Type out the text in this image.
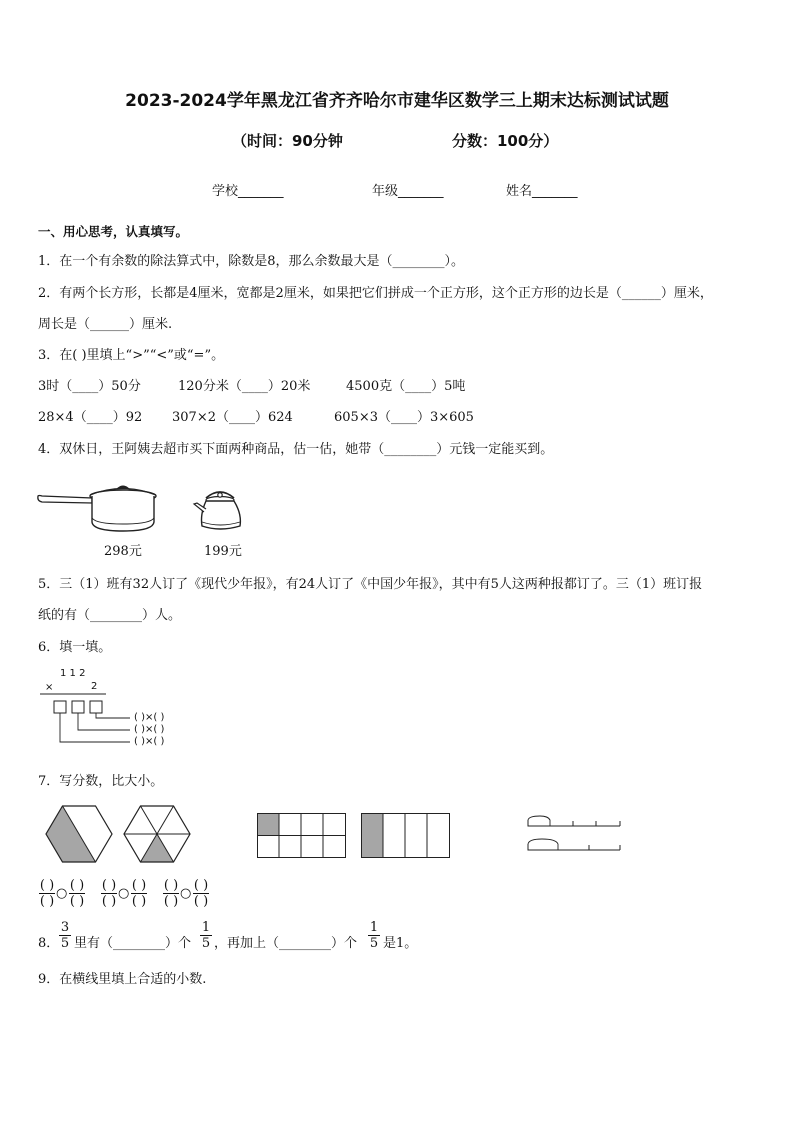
2023-2024学年黑龙江省齐齐哈尔市建华区数学三上期末达标测试试题
（时间：90分钟	分数：100分）
学校_______	年级_______	姓名_______
一、用心思考，认真填写。
1．在一个有余数的除法算式中，除数是8，那么余数最大是（________）。
2．有两个长方形，长都是4厘米，宽都是2厘米，如果把它们拼成一个正方形，这个正方形的边长是（______）厘米，
周长是（______）厘米.
3．在( )里填上“>”“<”或“=”。
3时（____）50分	120分米（____）20米	4500克（____）5吨
28×4（____）92 307×2（____）624	605×3（____）3×605
4．双休日，王阿姨去超市买下面两种商品，估一估，她带（________）元钱一定能买到。
298元	199元
5．三（1）班有32人订了《现代少年报》，有24人订了《中国少年报》，其中有5人这两种报都订了。三（1）班订报
纸的有（________）人。
6．填一填。
1 1 2
×	2
( )×( )
( )×( )
( )×( )
7．写分数，比大小。
( )
( )
○
( )
( )
( )
( )
○
( )
( )
( )
( )
○
( )
( )
8．
3
5 里有（________）个
1
5 ，再加上（________）个
1
5 是1。
9．在横线里填上合适的小数.
